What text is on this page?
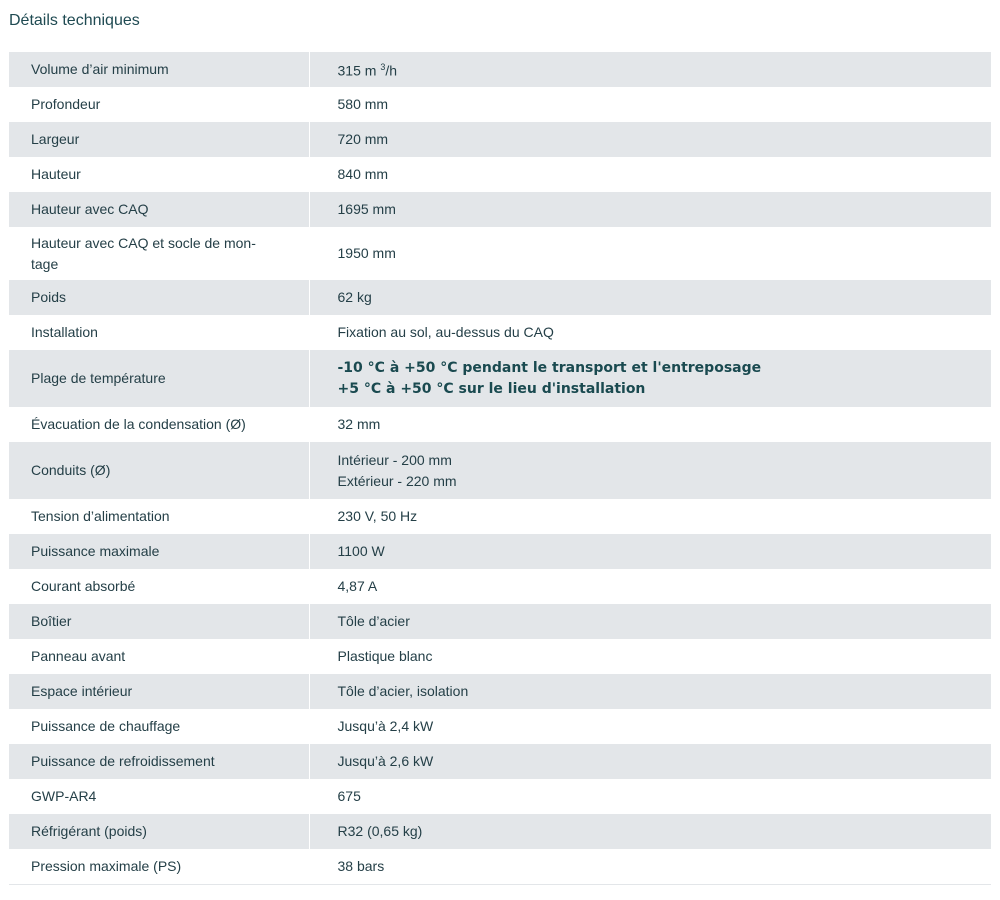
Détails techniques
Volume d’air minimum	315 m $^3$/h
Profondeur	580 mm
Largeur	720 mm
Hauteur	840 mm
Hauteur avec CAQ	1695 mm

Hauteur avec CAQ et socle de mon-
tage	1950 mm
Poids	62 kg
Installation	Fixation au sol, au-dessus du CAQ
Plage de température	-10 °C à +50 °C pendant le transport et l'entreposage
+5 °C à +50 °C sur le lieu d'installation

Évacuation de la condensation (Ø)	32 mm
Conduits (Ø)	Intérieur - 200 mm
Extérieur - 220 mm

Tension d’alimentation	230 V, 50 Hz
Puissance maximale	1100 W
Courant absorbé	4,87 A
Boîtier	Tôle d’acier
Panneau avant	Plastique blanc
Espace intérieur	Tôle d’acier, isolation
Puissance de chauffage	Jusqu’à 2,4 kW
Puissance de refroidissement	Jusqu’à 2,6 kW
GWP-AR4	675
Réfrigérant (poids)	R32 (0,65 kg)
Pression maximale (PS)	38 bars
